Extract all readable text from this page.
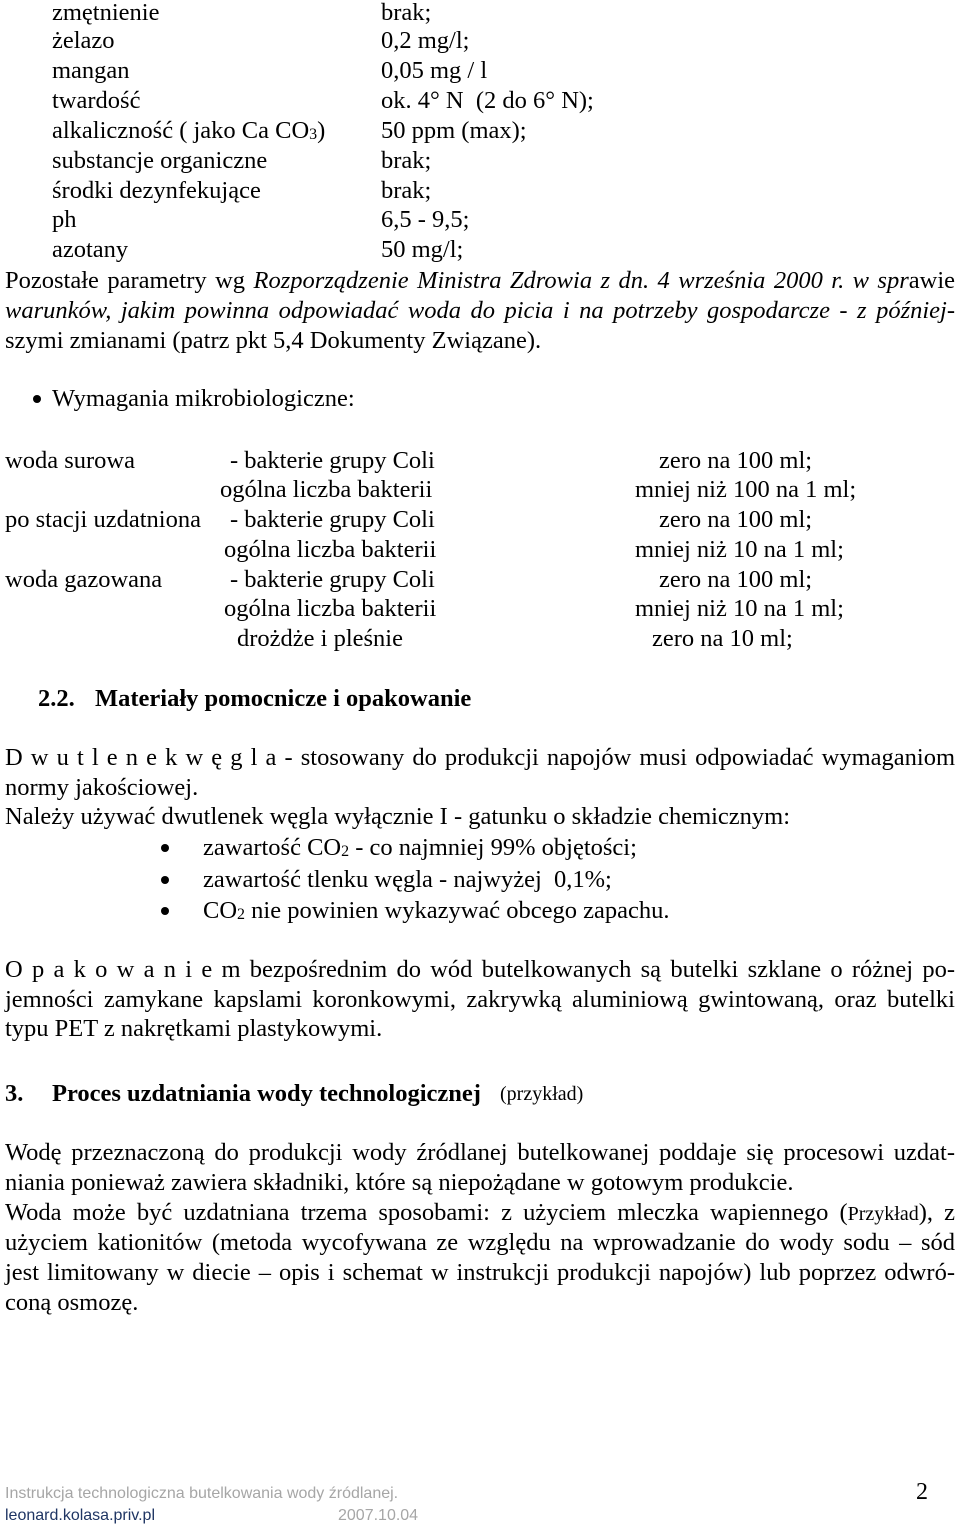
zmętnienie	brak;
żelazo	0,2 mg/l;
mangan	0,05 mg / l
twardość	ok. 4° N  (2 do 6° N);
alkaliczność ( jako Ca CO3) 50 ppm (max);
substancje organiczne	brak;
środki dezynfekujące	brak;
ph	6,5 - 9,5;
azotany	50 mg/l;
Pozostałe parametry wg Rozporządzenie Ministra Zdrowia z dn. 4 września 2000 r. w sprawie
warunków, jakim powinna odpowiadać woda do picia i na potrzeby gospodarcze - z później-
szymi zmianami (patrz pkt 5,4 Dokumenty Związane).
Wymagania mikrobiologiczne:
woda surowa	- bakterie grupy Coli	zero na 100 ml;
ogólna liczba bakterii	mniej niż 100 na 1 ml;
po stacji uzdatniona - bakterie grupy Coli	zero na 100 ml;
ogólna liczba bakterii	mniej niż 10 na 1 ml;
woda gazowana	- bakterie grupy Coli	zero na 100 ml;
ogólna liczba bakterii	mniej niż 10 na 1 ml;
drożdże i pleśnie	zero na 10 ml;
2.2. Materiały pomocnicze i opakowanie
D w u t l e n e k w ę g l a - stosowany do produkcji napojów musi odpowiadać wymaganiom
normy jakościowej.
Należy używać dwutlenek węgla wyłącznie I - gatunku o składzie chemicznym:
zawartość CO2 - co najmniej 99% objętości;
zawartość tlenku węgla - najwyżej  0,1%;
CO2 nie powinien wykazywać obcego zapachu.
O p a k o w a n i e m bezpośrednim do wód butelkowanych są butelki szklane o różnej po-
jemności zamykane kapslami koronkowymi, zakrywką aluminiową gwintowaną, oraz butelki
typu PET z nakrętkami plastykowymi.
3. Proces uzdatniania wody technologicznej (przykład)
Wodę przeznaczoną do produkcji wody źródlanej butelkowanej poddaje się procesowi uzdat-
niania ponieważ zawiera składniki, które są niepożądane w gotowym produkcie.
Woda może być uzdatniana trzema sposobami: z użyciem mleczka wapiennego (Przykład), z
użyciem kationitów (metoda wycofywana ze względu na wprowadzanie do wody sodu – sód
jest limitowany w diecie – opis i schemat w instrukcji produkcji napojów) lub poprzez odwró-
coną osmozę.
Instrukcja technologiczna butelkowania wody źródlanej.	2
leonard.kolasa.priv.pl	2007.10.04
